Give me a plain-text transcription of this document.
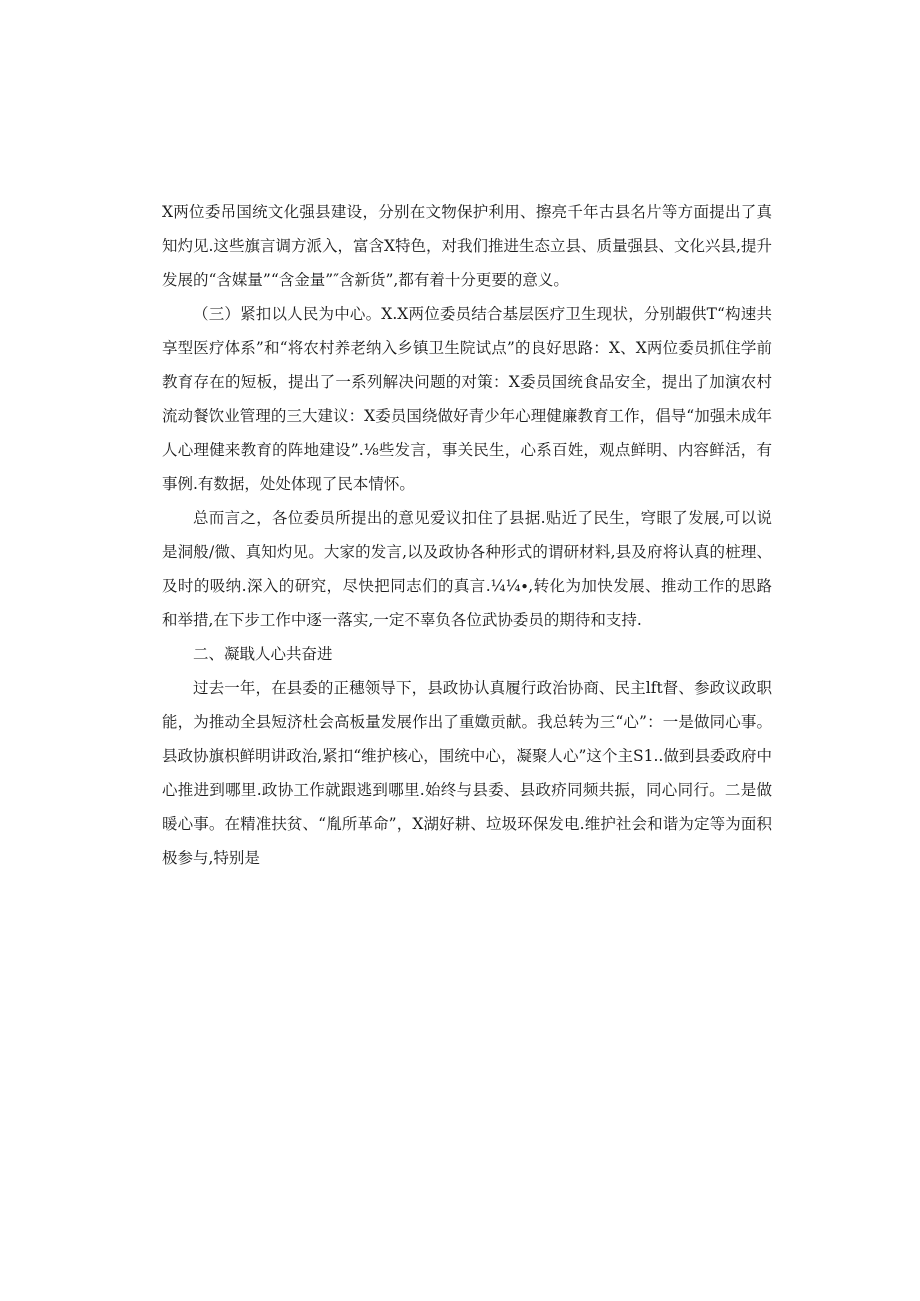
X两位委吊国统文化强县建设，分别在文物保护利用、擦亮千年古县名片等方面提出了真知灼见.这些旗言调方派入，富含X特色，对我们推进生态立县、质量强县、文化兴县,提升发展的“含媒量”“含金量”″含新货”,都有着十分更要的意义。

（三）紧扣以人民为中心。X.X两位委员结合基层医疗卫生现状，分别嘏供T“构速共享型医疗体系”和“将农村养老纳入乡镇卫生院试点”的良好思路：X、X两位委员抓住学前教育存在的短板，提出了一系列解决问题的对策：X委员国统食品安全，提出了加演农村流动餐饮业管理的三大建议：X委员国绕做好青少年心理健廉教育工作，倡导“加强未成年人心理健来教育的阵地建设”.⅛些发言，事关民生，心系百姓，观点鲜明、内容鲜活，有事例.有数据，处处体现了民本情怀。

总而言之，各位委员所提出的意见爱议扣住了县据.贴近了民生，穹眼了发展,可以说是洞般/微、真知灼见。大家的发言,以及政协各种形式的谓研材料,县及府将认真的桩理、及时的吸纳.深入的研究，尽快把同志们的真言.¼¼∙,转化为加快发展、推动工作的思路和举措,在下步工作中逐一落实,一定不辜负各位武协委员的期待和支持.

二、凝戢人心共奋进

过去一年，在县委的正穗领导下，县政协认真履行政治协商、民主lft督、参政议政职能，为推动全县短济杜会高板量发展作出了重嬍贡献。我总转为三“心”：一是做同心事。县政协旗枳鲜明讲政治,紧扣“维护核心，围统中心，凝聚人心”这个主S1..做到县委政府中心推进到哪里.政协工作就跟逃到哪里.始终与县委、县政疥同频共振，同心同行。二是做暖心事。在精准扶贫、“胤所革命”，X湖好耕、垃圾环保发电.维护社会和谐为定等为面积极参与,特别是
